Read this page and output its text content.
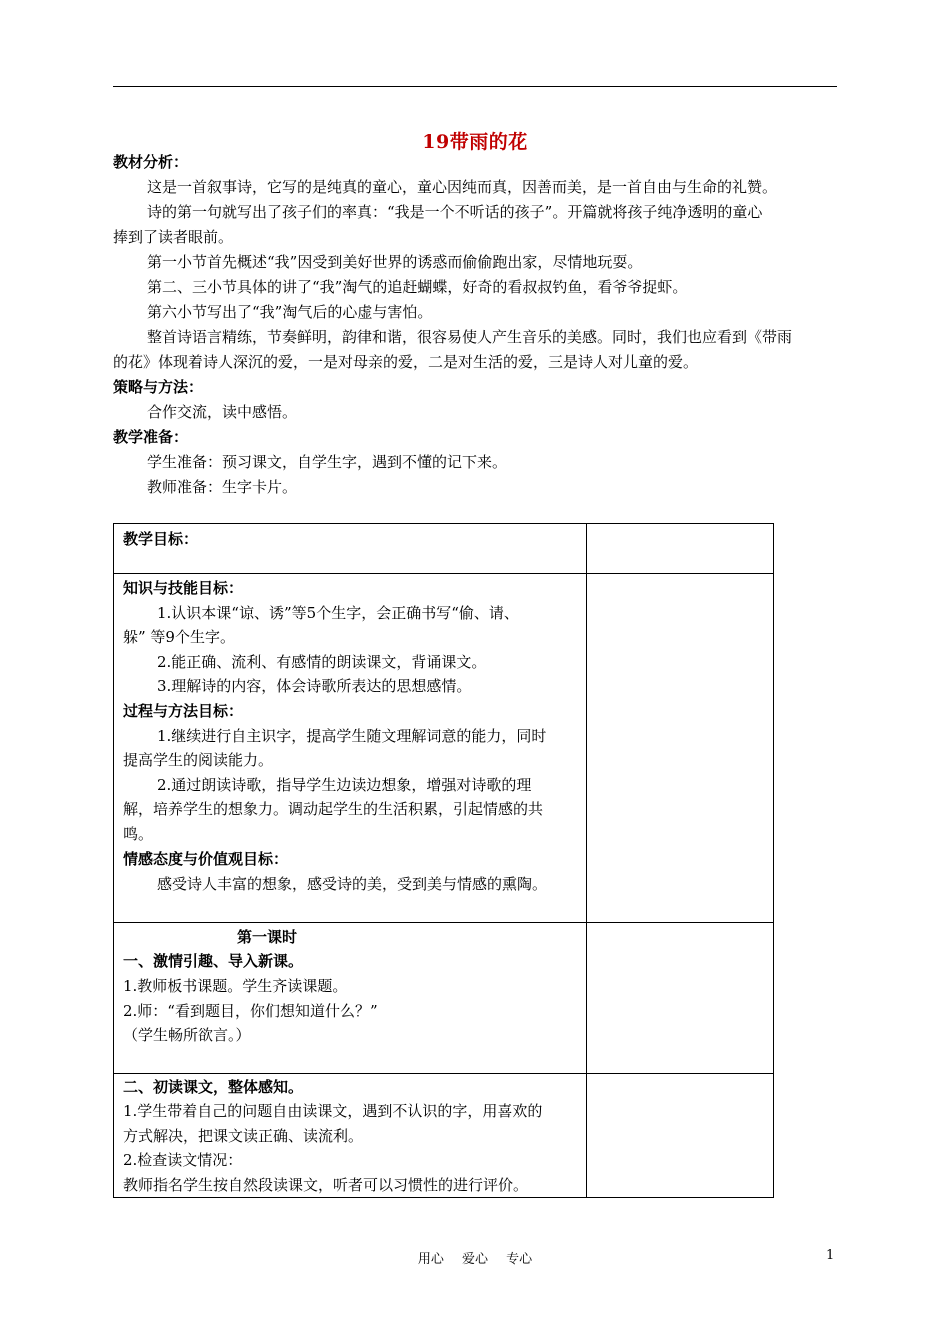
19带雨的花
教材分析：
这是一首叙事诗，它写的是纯真的童心，童心因纯而真，因善而美，是一首自由与生命的礼赞。
诗的第一句就写出了孩子们的率真：“我是一个不听话的孩子”。开篇就将孩子纯净透明的童心
捧到了读者眼前。
第一小节首先概述“我”因受到美好世界的诱惑而偷偷跑出家，尽情地玩耍。
第二、三小节具体的讲了“我”淘气的追赶蝴蝶，好奇的看叔叔钓鱼，看爷爷捉虾。
第六小节写出了“我”淘气后的心虚与害怕。
整首诗语言精练，节奏鲜明，韵律和谐，很容易使人产生音乐的美感。同时，我们也应看到《带雨
的花》体现着诗人深沉的爱，一是对母亲的爱，二是对生活的爱，三是诗人对儿童的爱。
策略与方法：
合作交流，读中感悟。
教学准备：
学生准备：预习课文，自学生字，遇到不懂的记下来。
教师准备：生字卡片。
教学目标：
知识与技能目标：
1.认识本课“谅、诱”等5个生字，会正确书写“偷、请、
躲” 等9个生字。
2.能正确、流利、有感情的朗读课文，背诵课文。
3.理解诗的内容，体会诗歌所表达的思想感情。
过程与方法目标：
1.继续进行自主识字，提高学生随文理解词意的能力，同时
提高学生的阅读能力。
2.通过朗读诗歌，指导学生边读边想象，增强对诗歌的理
解，培养学生的想象力。调动起学生的生活积累，引起情感的共
鸣。
情感态度与价值观目标：
感受诗人丰富的想象，感受诗的美，受到美与情感的熏陶。
第一课时
一、激情引趣、导入新课。
1.教师板书课题。学生齐读课题。
2.师：“看到题目，你们想知道什么？”
（学生畅所欲言。）
二、初读课文，整体感知。
1.学生带着自己的问题自由读课文，遇到不认识的字，用喜欢的
方式解决，把课文读正确、读流利。
2.检查读文情况：
教师指名学生按自然段读课文，听者可以习惯性的进行评价。
用心 爱心 专心	1
